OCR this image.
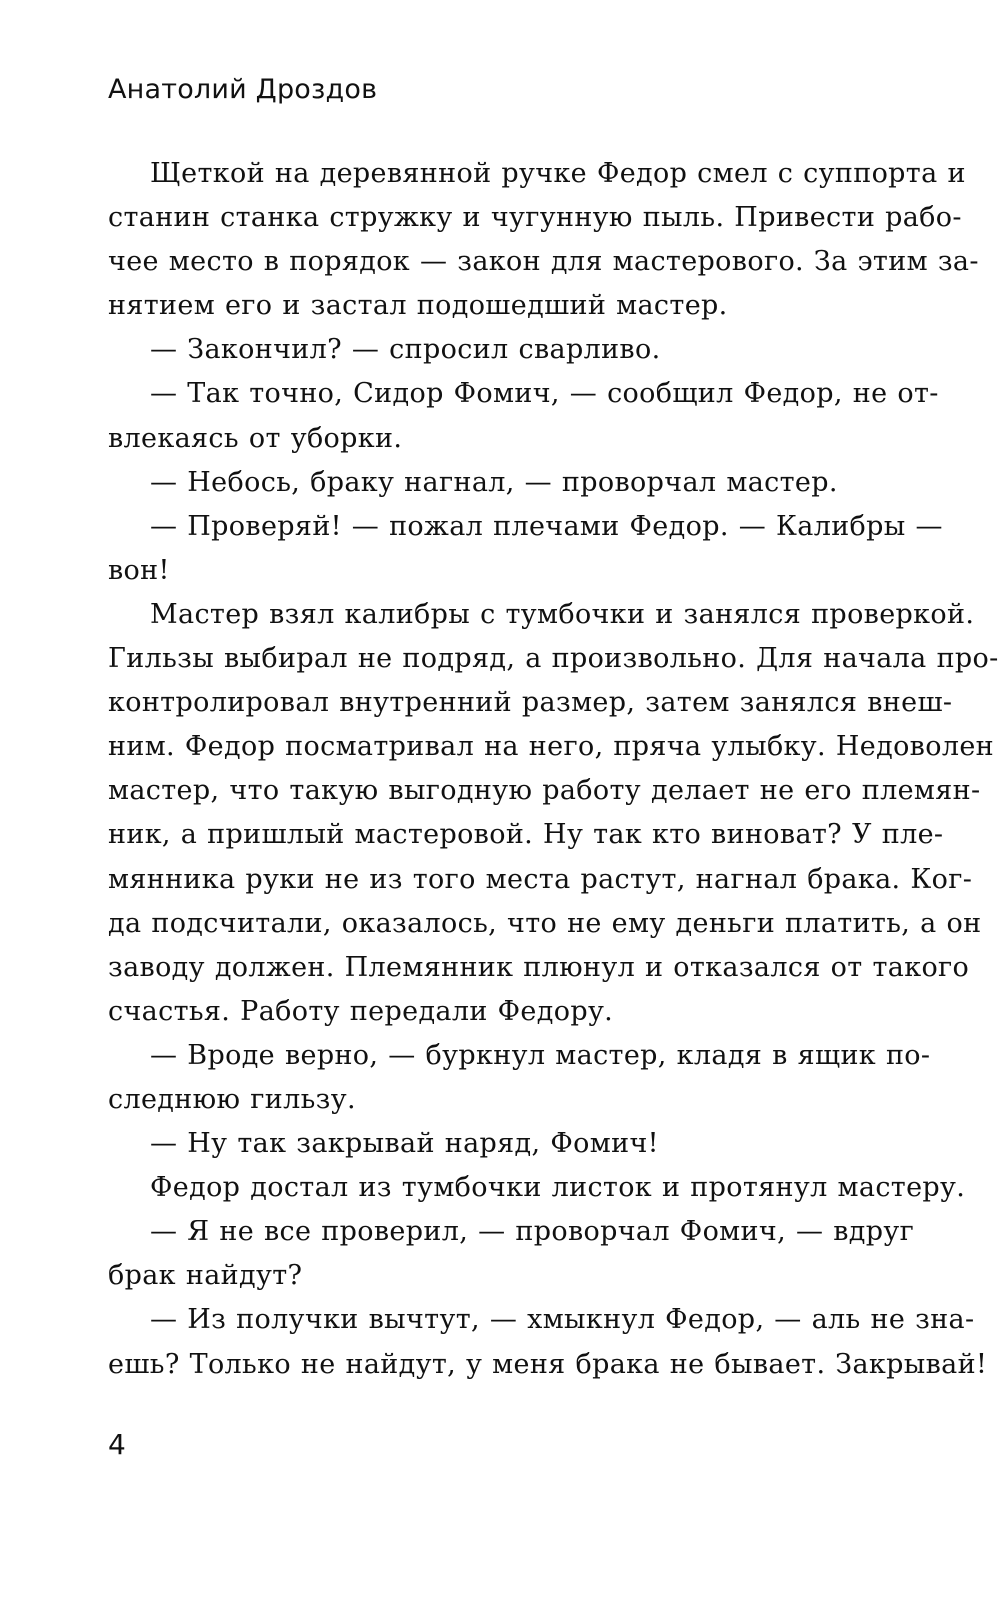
Анатолий Дроздов
Щеткой на деревянной ручке Федор смел с суппорта и
станин станка стружку и чугунную пыль. Привести рабо-
чее место в порядок — закон для мастерового. За этим за-
нятием его и застал подошедший мастер.
— Закончил? — спросил сварливо.
— Так точно, Сидор Фомич, — сообщил Федор, не от-
влекаясь от уборки.
— Небось, браку нагнал, — проворчал мастер.
— Проверяй! — пожал плечами Федор. — Калибры —
вон!
Мастер взял калибры с тумбочки и занялся проверкой.
Гильзы выбирал не подряд, а произвольно. Для начала про-
контролировал внутренний размер, затем занялся внеш-
ним. Федор посматривал на него, пряча улыбку. Недоволен
мастер, что такую выгодную работу делает не его племян-
ник, а пришлый мастеровой. Ну так кто виноват? У пле-
мянника руки не из того места растут, нагнал брака. Ког-
да подсчитали, оказалось, что не ему деньги платить, а он
заводу должен. Племянник плюнул и отказался от такого
счастья. Работу передали Федору.
— Вроде верно, — буркнул мастер, кладя в ящик по-
следнюю гильзу.
— Ну так закрывай наряд, Фомич!
Федор достал из тумбочки листок и протянул мастеру.
— Я не все проверил, — проворчал Фомич, — вдруг
брак найдут?
— Из получки вычтут, — хмыкнул Федор, — аль не зна-
ешь? Только не найдут, у меня брака не бывает. Закрывай!
4
